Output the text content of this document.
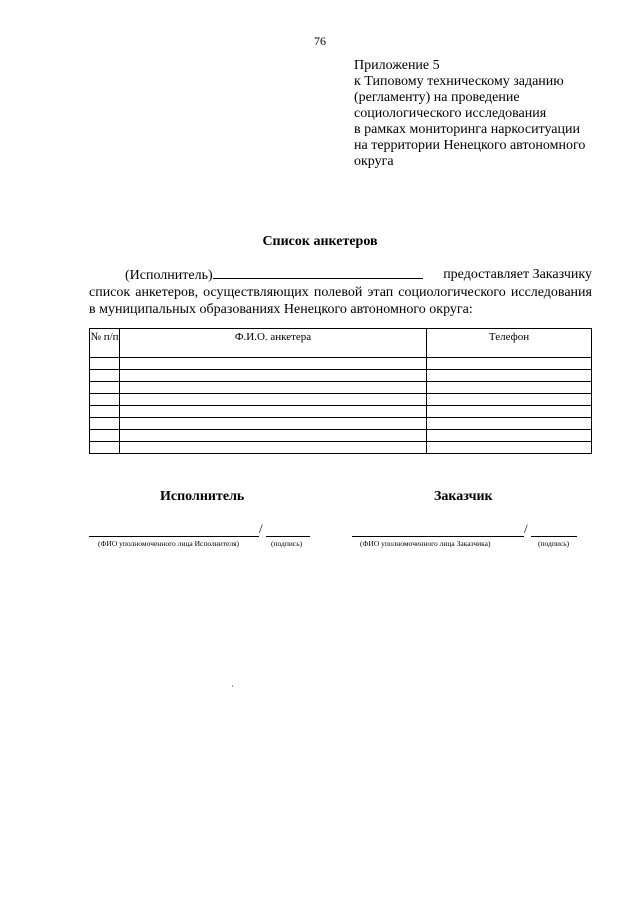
76
Приложение 5
к Типовому техническому заданию
(регламенту) на проведение
социологического исследования
в рамках мониторинга наркоситуации
на территории Ненецкого автономного
округа
Список анкетеров
(Исполнитель)	предоставляет Заказчику
список анкетеров, осуществляющих полевой этап социологического исследования
в муниципальных образованиях Ненецкого автономного округа:
№ п/п	Ф.И.О. анкетера	Телефон

Исполнитель
/
(ФИО уполномоченного лица Исполнителя)	(подпись)
Заказчик
/
(ФИО уполномоченного лица Заказчика)	(подпись)
